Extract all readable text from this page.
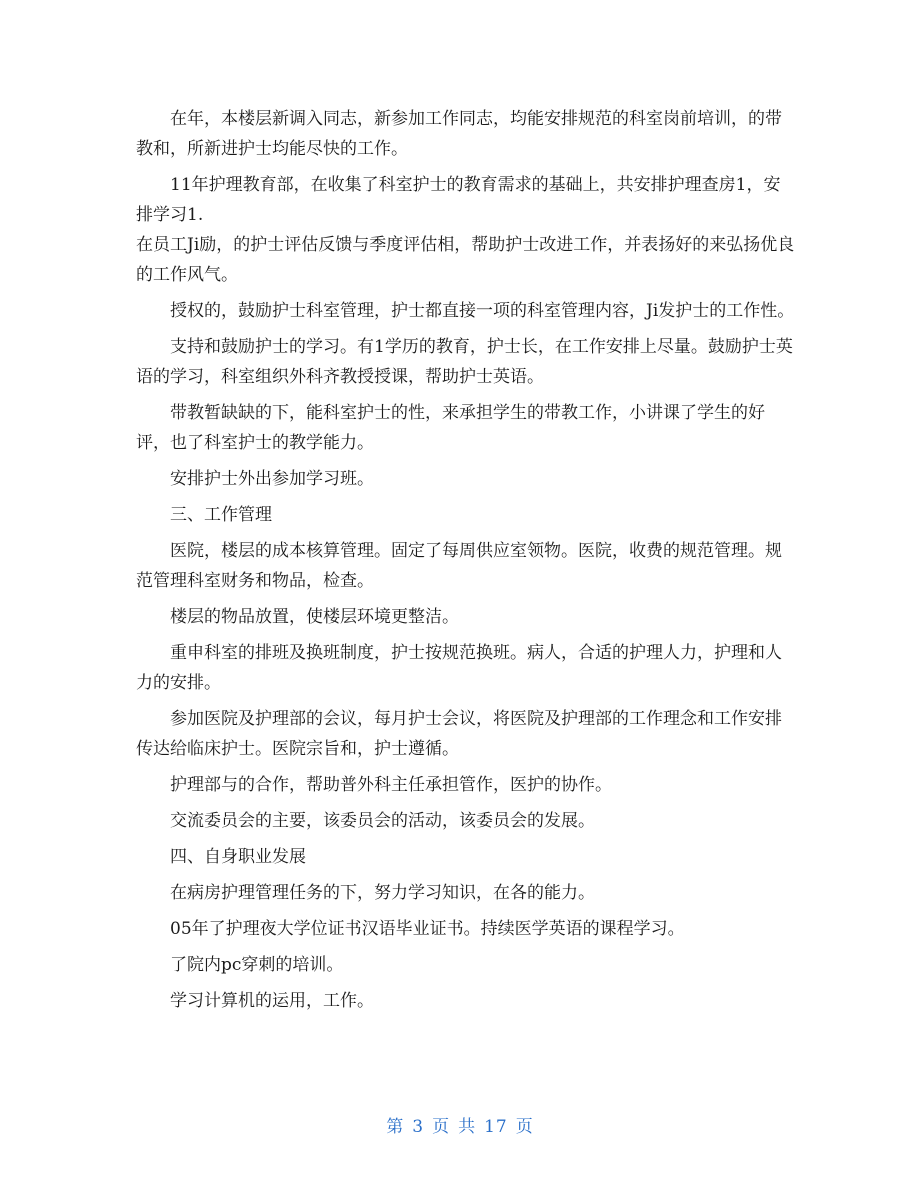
在年，本楼层新调入同志，新参加工作同志，均能安排规范的科室岗前培训，的带教和，所新进护士均能尽快的工作。

11年护理教育部，在收集了科室护士的教育需求的基础上，共安排护理查房1，安排学习1.

在员工Ji励，的护士评估反馈与季度评估相，帮助护士改进工作，并表扬好的来弘扬优良的工作风气。

授权的，鼓励护士科室管理，护士都直接一项的科室管理内容，Ji发护士的工作性。

支持和鼓励护士的学习。有1学历的教育，护士长，在工作安排上尽量。鼓励护士英语的学习，科室组织外科齐教授授课，帮助护士英语。

带教暂缺缺的下，能科室护士的性，来承担学生的带教工作，小讲课了学生的好评，也了科室护士的教学能力。

安排护士外出参加学习班。

三、工作管理

医院，楼层的成本核算管理。固定了每周供应室领物。医院，收费的规范管理。规范管理科室财务和物品，检查。

楼层的物品放置，使楼层环境更整洁。

重申科室的排班及换班制度，护士按规范换班。病人，合适的护理人力，护理和人力的安排。

参加医院及护理部的会议，每月护士会议，将医院及护理部的工作理念和工作安排传达给临床护士。医院宗旨和，护士遵循。

护理部与的合作，帮助普外科主任承担管作，医护的协作。

交流委员会的主要，该委员会的活动，该委员会的发展。

四、自身职业发展

在病房护理管理任务的下，努力学习知识，在各的能力。

05年了护理夜大学位证书汉语毕业证书。持续医学英语的课程学习。

了院内pc穿刺的培训。

学习计算机的运用，工作。

第 3 页 共 17 页
